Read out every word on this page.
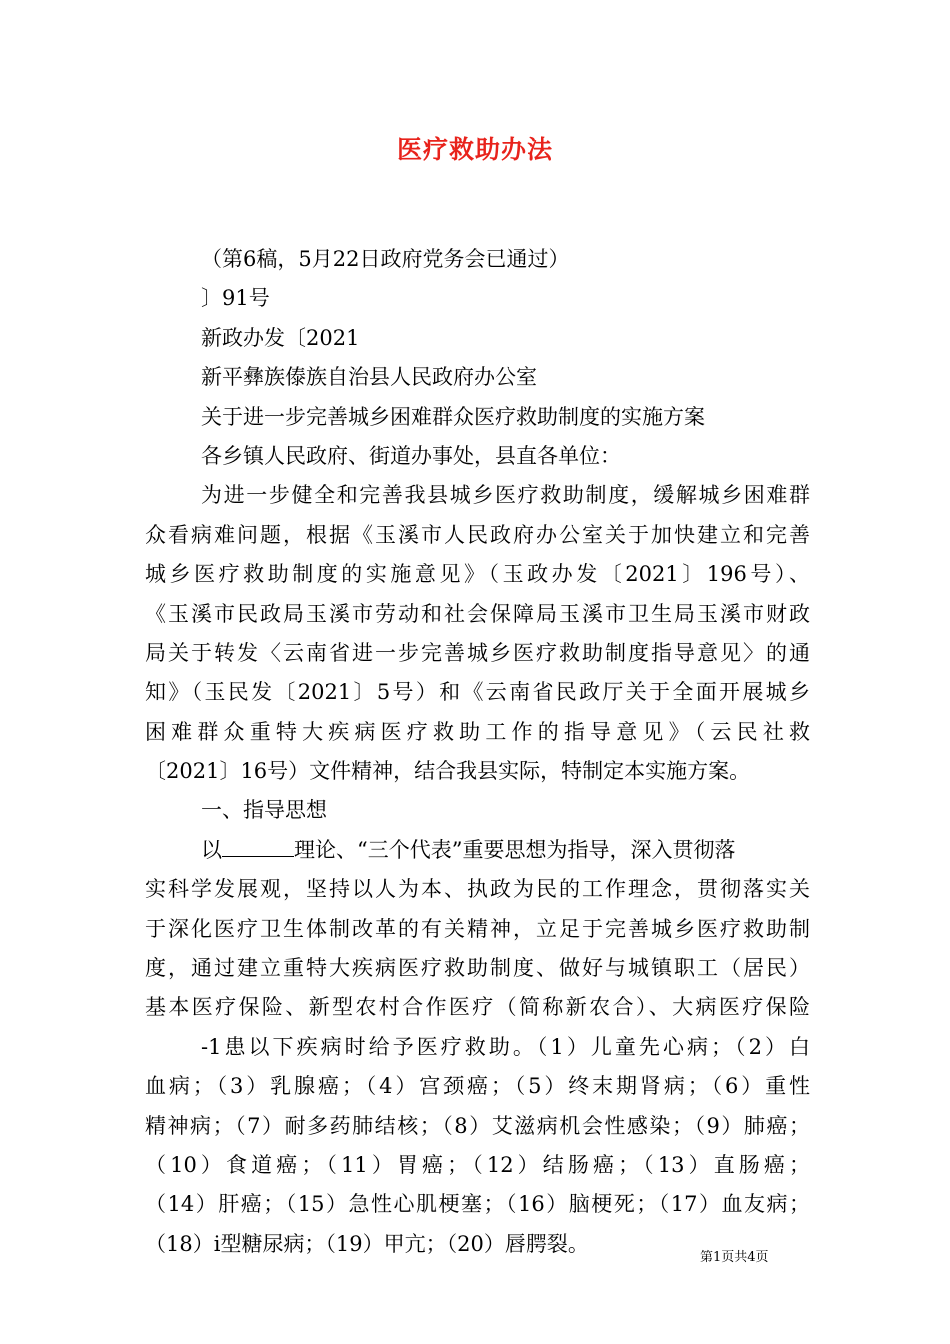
医疗救助办法
（第6稿，5月22日政府党务会已通过）
〕91号
新政办发〔2021
新平彝族傣族自治县人民政府办公室
关于进一步完善城乡困难群众医疗救助制度的实施方案
各乡镇人民政府、街道办事处，县直各单位：
为进一步健全和完善我县城乡医疗救助制度，缓解城乡困难群
众看病难问题，根据《玉溪市人民政府办公室关于加快建立和完善
城乡医疗救助制度的实施意见》（玉政办发〔2021〕196号）、
《玉溪市民政局玉溪市劳动和社会保障局玉溪市卫生局玉溪市财政
局关于转发〈云南省进一步完善城乡医疗救助制度指导意见〉的通
知》（玉民发〔2021〕5号）和《云南省民政厅关于全面开展城乡
困难群众重特大疾病医疗救助工作的指导意见》（云民社救
〔2021〕16号）文件精神，结合我县实际，特制定本实施方案。
一、指导思想
以	理论、“三个代表”重要思想为指导，深入贯彻落
实科学发展观，坚持以人为本、执政为民的工作理念，贯彻落实关
于深化医疗卫生体制改革的有关精神，立足于完善城乡医疗救助制
度，通过建立重特大疾病医疗救助制度、做好与城镇职工（居民）
基本医疗保险、新型农村合作医疗（简称新农合）、大病医疗保险
-1患以下疾病时给予医疗救助。（1）儿童先心病；（2）白
血病；（3）乳腺癌；（4）宫颈癌；（5）终末期肾病；（6）重性
精神病；（7）耐多药肺结核；（8）艾滋病机会性感染；（9）肺癌；
（10）食道癌；（11）胃癌；（12）结肠癌；（13）直肠癌；
（14）肝癌；（15）急性心肌梗塞；（16）脑梗死；（17）血友病；
（18）i型糖尿病；（19）甲亢；（20）唇腭裂。
第1页共4页
